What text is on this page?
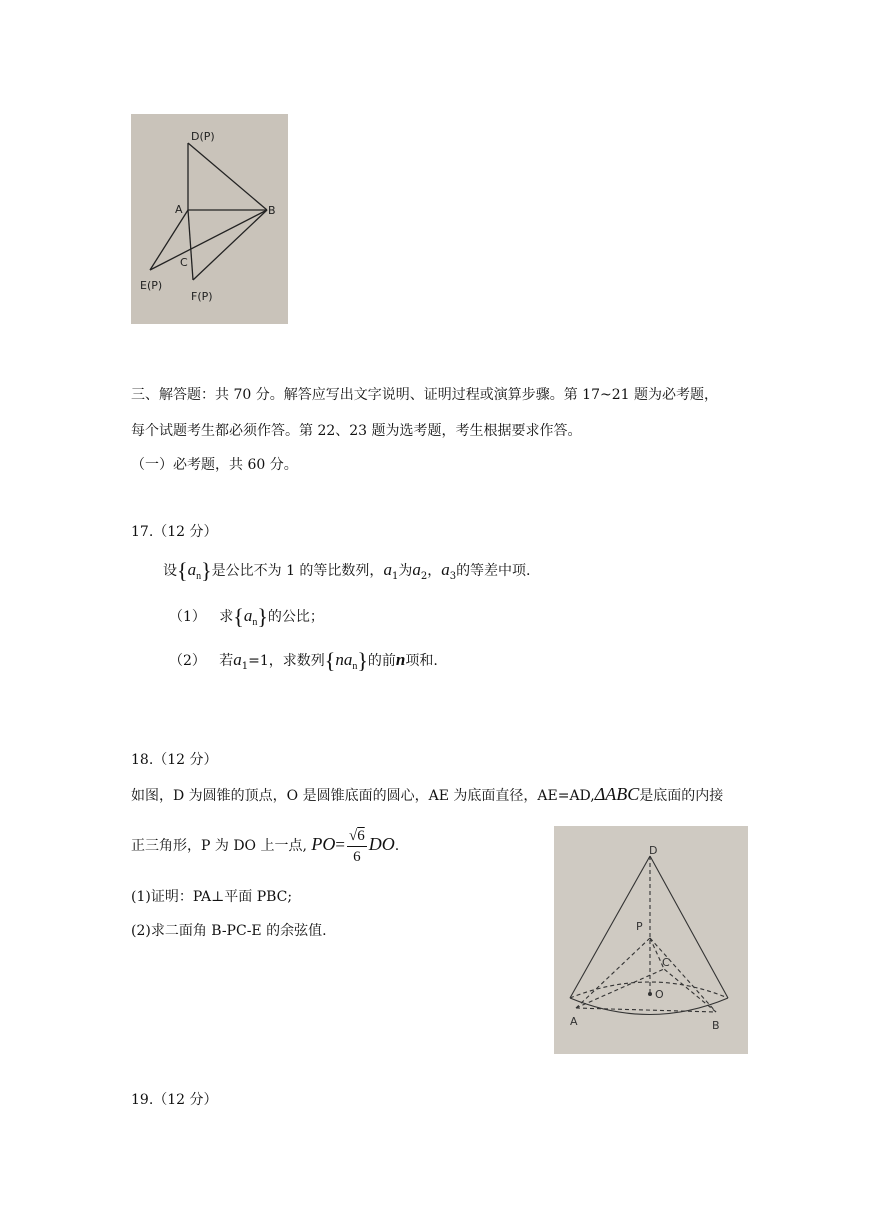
D(P)
A	B
C
E(P)
F(P)
三、解答题：共 70 分。解答应写出文字说明、证明过程或演算步骤。第 17~21 题为必考题，
每个试题考生都必须作答。第 22、23 题为选考题，考生根据要求作答。
（一）必考题，共 60 分。
17.（12 分）
设$\{a_n\}$是公比不为 1 的等比数列，$a_1$为$a_2$，$a_3$的等差中项.
（1） 求$\{a_n\}$的公比；
（2） 若$a_1=1$，求数列$\{na_n\}$的前n项和.
18.（12 分）
如图，D 为圆锥的顶点，O 是圆锥底面的圆心，AE 为底面直径，AE=AD,ΔABC是底面的内接
正三角形，P 为 DO 上一点, $PO= \frac{√6}{6}$ DO.
(1)证明：PA⊥平面 PBC;
(2)求二面角 B-PC-E 的余弦值.
D
P
C
O
A	B
19.（12 分）
